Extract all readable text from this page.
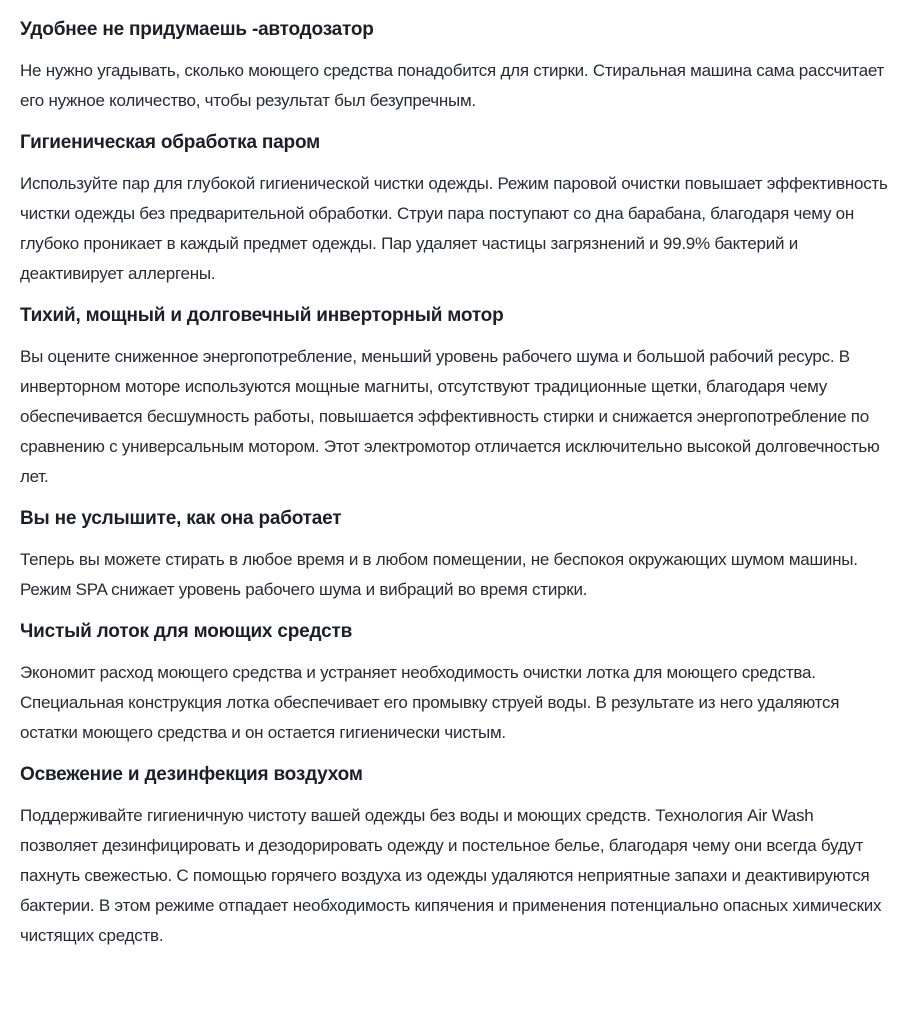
Удобнее не придумаешь -автодозатор

Не нужно угадывать, сколько моющего средства понадобится для стирки. Стиральная машина сама рассчитает его нужное количество, чтобы результат был безупречным.

Гигиеническая обработка паром

Используйте пар для глубокой гигиенической чистки одежды. Режим паровой очистки повышает эффективность чистки одежды без предварительной обработки. Струи пара поступают со дна барабана, благодаря чему он глубоко проникает в каждый предмет одежды. Пар удаляет частицы загрязнений и 99.9% бактерий и деактивирует аллергены.

Тихий, мощный и долговечный инверторный мотор

Вы оцените сниженное энергопотребление, меньший уровень рабочего шума и большой рабочий ресурс. В инверторном моторе используются мощные магниты, отсутствуют традиционные щетки, благодаря чему обеспечивается бесшумность работы, повышается эффективность стирки и снижается энергопотребление по сравнению с универсальным мотором. Этот электромотор отличается исключительно высокой долговечностью лет.

Вы не услышите, как она работает

Теперь вы можете стирать в любое время и в любом помещении, не беспокоя окружающих шумом машины. Режим SPA снижает уровень рабочего шума и вибраций во время стирки.

Чистый лоток для моющих средств

Экономит расход моющего средства и устраняет необходимость очистки лотка для моющего средства. Специальная конструкция лотка обеспечивает его промывку струей воды. В результате из него удаляются остатки моющего средства и он остается гигиенически чистым.

Освежение и дезинфекция воздухом

Поддерживайте гигиеничную чистоту вашей одежды без воды и моющих средств. Технология Air Wash позволяет дезинфицировать и дезодорировать одежду и постельное белье, благодаря чему они всегда будут пахнуть свежестью. С помощью горячего воздуха из одежды удаляются неприятные запахи и деактивируются бактерии. В этом режиме отпадает необходимость кипячения и применения потенциально опасных химических чистящих средств.
